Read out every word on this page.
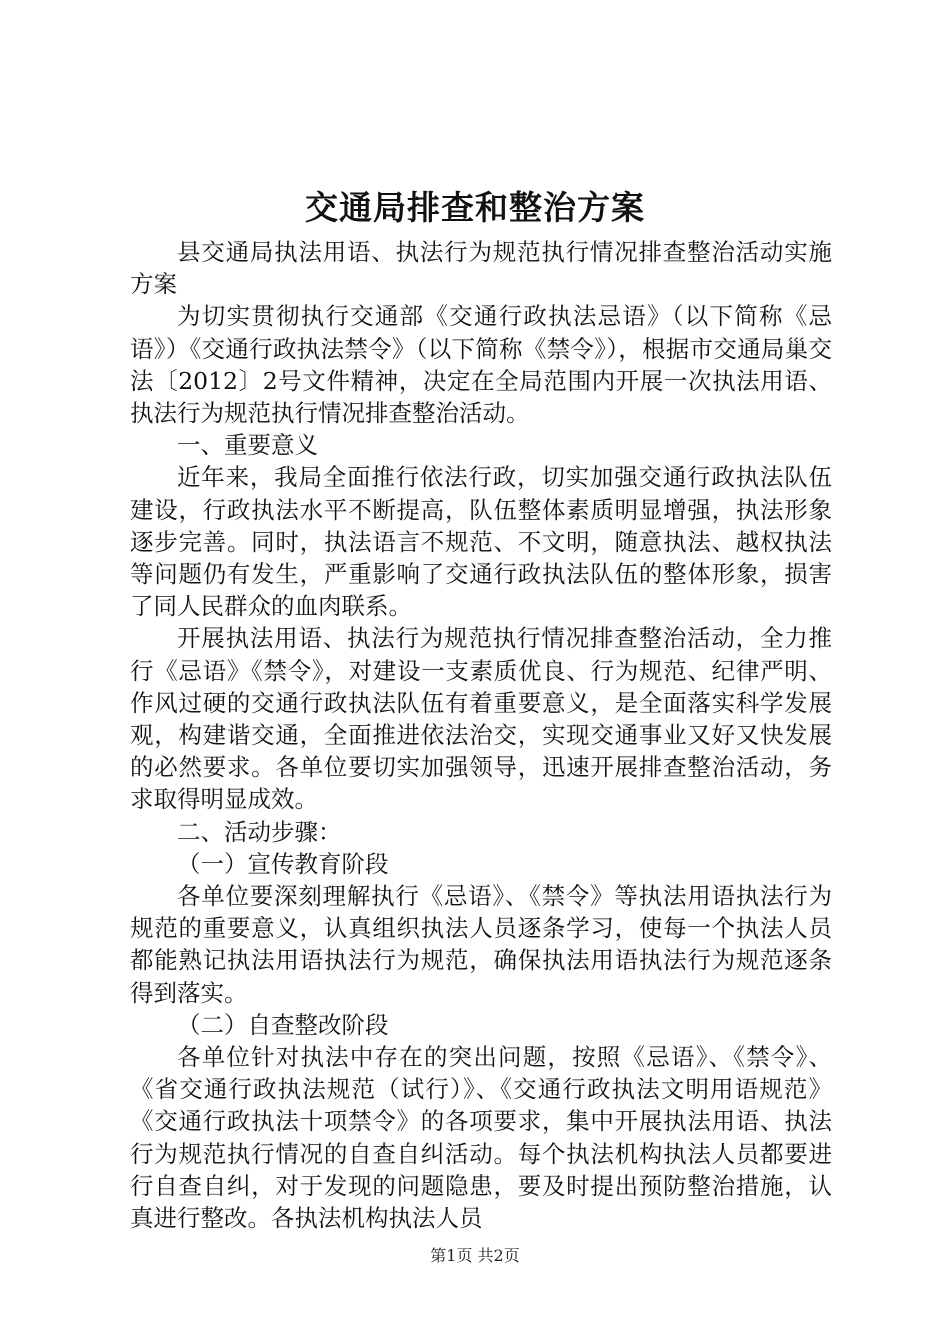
交通局排查和整治方案

县交通局执法用语、执法行为规范执行情况排查整治活动实施方案

为切实贯彻执行交通部《交通行政执法忌语》（以下简称《忌语》）《交通行政执法禁令》（以下简称《禁令》），根据市交通局巢交法〔2012〕2号文件精神，决定在全局范围内开展一次执法用语、执法行为规范执行情况排查整治活动。

一、重要意义

近年来，我局全面推行依法行政，切实加强交通行政执法队伍建设，行政执法水平不断提高，队伍整体素质明显增强，执法形象逐步完善。同时，执法语言不规范、不文明，随意执法、越权执法等问题仍有发生，严重影响了交通行政执法队伍的整体形象，损害了同人民群众的血肉联系。

开展执法用语、执法行为规范执行情况排查整治活动，全力推行《忌语》《禁令》，对建设一支素质优良、行为规范、纪律严明、作风过硬的交通行政执法队伍有着重要意义，是全面落实科学发展观，构建谐交通，全面推进依法治交，实现交通事业又好又快发展的必然要求。各单位要切实加强领导，迅速开展排查整治活动，务求取得明显成效。

二、活动步骤：

（一）宣传教育阶段

各单位要深刻理解执行《忌语》、《禁令》等执法用语执法行为规范的重要意义，认真组织执法人员逐条学习，使每一个执法人员都能熟记执法用语执法行为规范，确保执法用语执法行为规范逐条得到落实。

（二）自查整改阶段

各单位针对执法中存在的突出问题，按照《忌语》、《禁令》、《省交通行政执法规范（试行）》、《交通行政执法文明用语规范》《交通行政执法十项禁令》的各项要求，集中开展执法用语、执法行为规范执行情况的自查自纠活动。每个执法机构执法人员都要进行自查自纠，对于发现的问题隐患，要及时提出预防整治措施，认真进行整改。各执法机构执法人员

第1页 共2页
